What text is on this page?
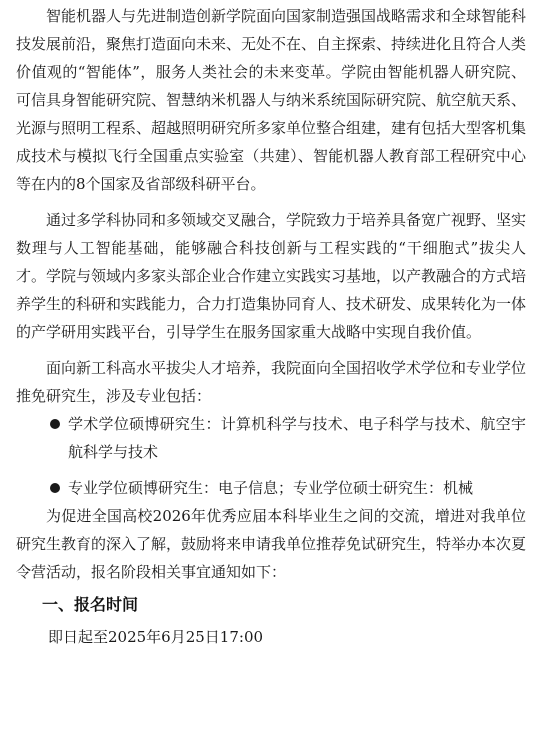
智能机器人与先进制造创新学院面向国家制造强国战略需求和全球智能科技发展前沿，聚焦打造面向未来、无处不在、自主探索、持续进化且符合人类价值观的“智能体”，服务人类社会的未来变革。学院由智能机器人研究院、可信具身智能研究院、智慧纳米机器人与纳米系统国际研究院、航空航天系、光源与照明工程系、超越照明研究所多家单位整合组建，建有包括大型客机集成技术与模拟飞行全国重点实验室（共建）、智能机器人教育部工程研究中心等在内的8个国家及省部级科研平台。

通过多学科协同和多领域交叉融合，学院致力于培养具备宽广视野、坚实数理与人工智能基础，能够融合科技创新与工程实践的“干细胞式”拔尖人才。学院与领域内多家头部企业合作建立实践实习基地，以产教融合的方式培养学生的科研和实践能力，合力打造集协同育人、技术研发、成果转化为一体的产学研用实践平台，引导学生在服务国家重大战略中实现自我价值。

面向新工科高水平拔尖人才培养，我院面向全国招收学术学位和专业学位推免研究生，涉及专业包括：

学术学位硕博研究生：计算机科学与技术、电子科学与技术、航空宇航科学与技术
专业学位硕博研究生：电子信息；专业学位硕士研究生：机械

为促进全国高校2026年优秀应届本科毕业生之间的交流，增进对我单位研究生教育的深入了解，鼓励将来申请我单位推荐免试研究生，特举办本次夏令营活动，报名阶段相关事宜通知如下：

一、报名时间
即日起至2025年6月25日17:00
